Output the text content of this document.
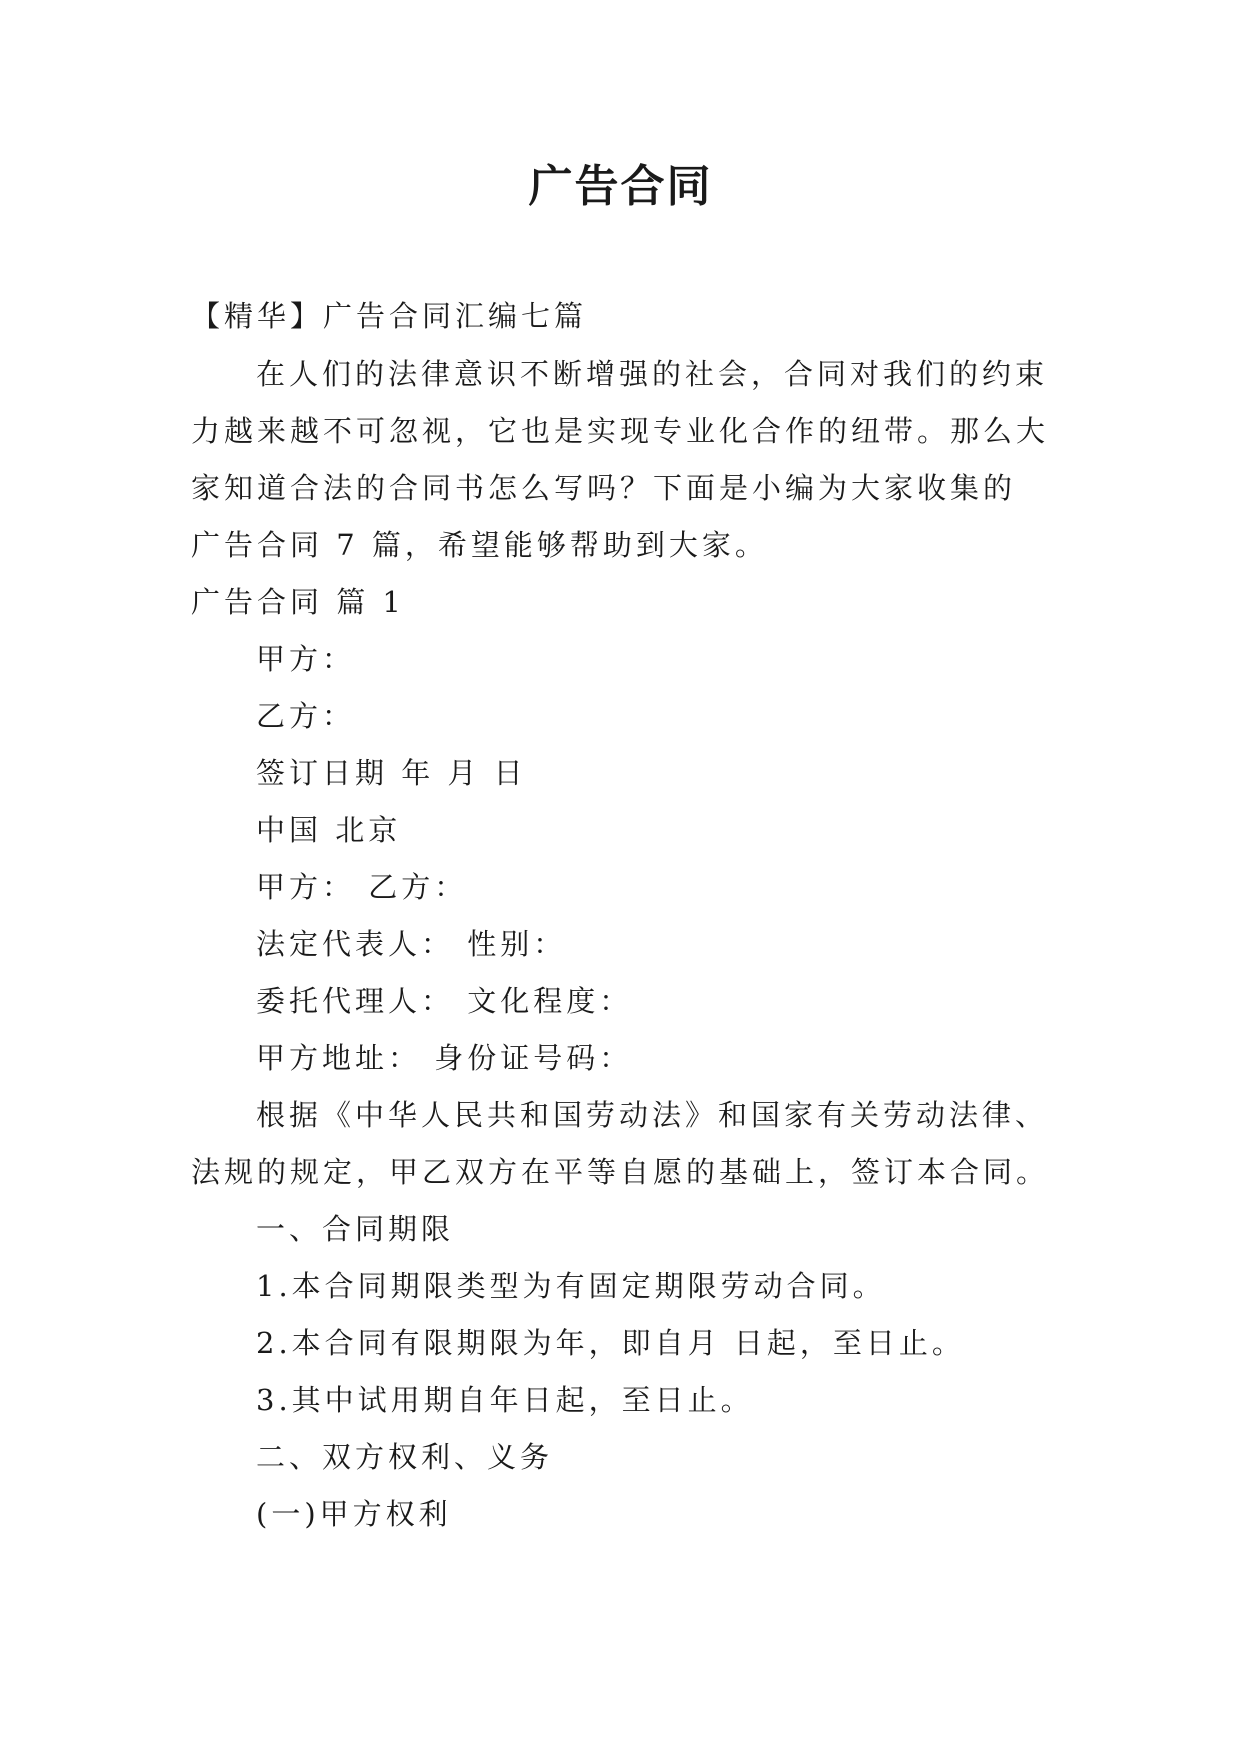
广告合同
【精华】广告合同汇编七篇
在人们的法律意识不断增强的社会，合同对我们的约束
力越来越不可忽视，它也是实现专业化合作的纽带。那么大
家知道合法的合同书怎么写吗？下面是小编为大家收集的
广告合同 7 篇，希望能够帮助到大家。
广告合同 篇 1
甲方：
乙方：
签订日期 年 月 日
中国 北京
甲方： 乙方：
法定代表人： 性别：
委托代理人： 文化程度：
甲方地址： 身份证号码：
根据《中华人民共和国劳动法》和国家有关劳动法律、
法规的规定，甲乙双方在平等自愿的基础上，签订本合同。
一、合同期限
1.本合同期限类型为有固定期限劳动合同。
2.本合同有限期限为年，即自月 日起，至日止。
3.其中试用期自年日起，至日止。
二、双方权利、义务
(一)甲方权利
